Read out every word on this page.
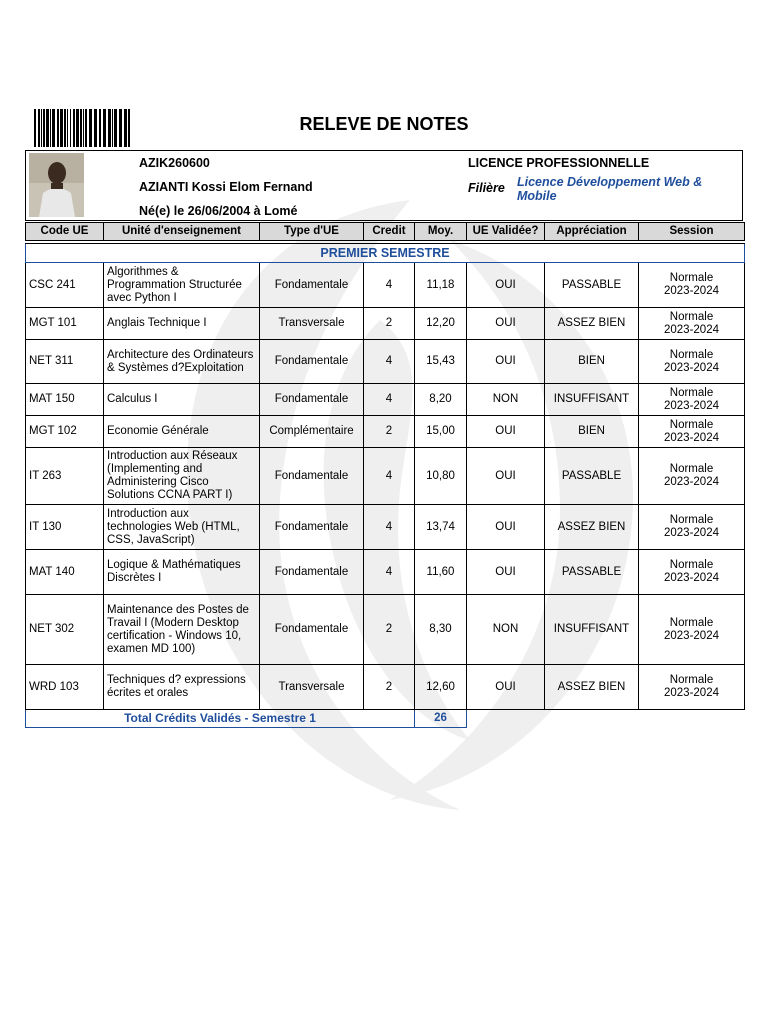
RELEVE DE NOTES
AZIK260600
AZIANTI Kossi Elom Fernand
Né(e) le 26/06/2004 à Lomé
LICENCE PROFESSIONNELLE
Filière Licence Développement Web & Mobile
Code UE	Unité d'enseignement	Type d'UE	Credit	Moy.	UE Validée?	Appréciation	Session

PREMIER SEMESTRE							
CSC 241	Algorithmes & Programmation Structurée avec Python I	Fondamentale	4	11,18	OUI	PASSABLE	Normale
2023-2024

MGT 101	Anglais Technique I	Transversale	2	12,20	OUI	ASSEZ BIEN	Normale
2023-2024

NET 311	Architecture des Ordinateurs & Systèmes d?Exploitation	Fondamentale	4	15,43	OUI	BIEN	Normale
2023-2024

MAT 150	Calculus I	Fondamentale	4	8,20	NON	INSUFFISANT	Normale
2023-2024

MGT 102	Economie Générale	Complémentaire	2	15,00	OUI	BIEN	Normale
2023-2024

IT 263	Introduction aux Réseaux (Implementing and Administering Cisco Solutions CCNA PART I)	Fondamentale	4	10,80	OUI	PASSABLE	Normale
2023-2024

IT 130	Introduction aux technologies Web (HTML, CSS, JavaScript)	Fondamentale	4	13,74	OUI	ASSEZ BIEN	Normale
2023-2024

MAT 140	Logique & Mathématiques Discrètes I	Fondamentale	4	11,60	OUI	PASSABLE	Normale
2023-2024

NET 302	Maintenance des Postes de Travail I (Modern Desktop certification - Windows 10, examen MD 100)	Fondamentale	2	8,30	NON	INSUFFISANT	Normale
2023-2024

WRD 103	Techniques d? expressions écrites et orales	Transversale	2	12,60	OUI	ASSEZ BIEN	Normale
2023-2024

Total Crédits Validés - Semestre 1				26			
